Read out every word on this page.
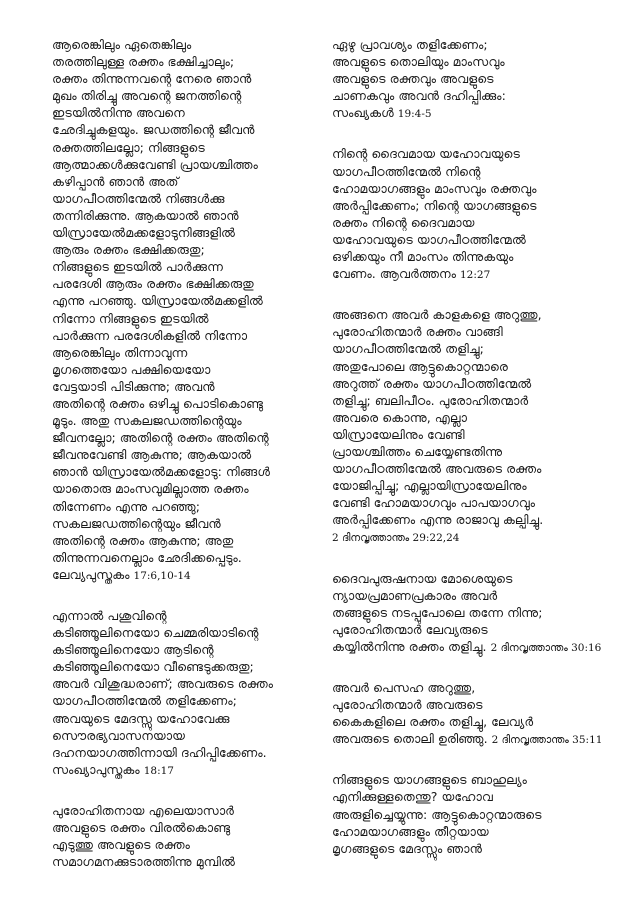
ആരെങ്കിലും ഏതെങ്കിലും
തരത്തിലുള്ള രക്തം ഭക്ഷിച്ചാലും;
രക്തം തിന്നുന്നവന്റെ നേരെ ഞാൻ
മുഖം തിരിച്ചു അവന്റെ ജനത്തിന്റെ
ഇടയിൽനിന്നു അവനെ
ഛേദിച്ചുകളയും. ജഡത്തിന്റെ ജീവൻ
രക്തത്തിലല്ലോ; നിങ്ങളുടെ
ആത്മാക്കൾക്കുവേണ്ടി പ്രായശ്ചിത്തം
കഴിപ്പാൻ ഞാൻ അത്
യാഗപീഠത്തിന്മേൽ നിങ്ങൾക്കു
തന്നിരിക്കുന്നു. ആകയാൽ ഞാൻ
യിസ്രായേൽമക്കളോടുനിങ്ങളിൽ
ആരും രക്തം ഭക്ഷിക്കരുതു;
നിങ്ങളുടെ ഇടയിൽ പാർക്കുന്ന
പരദേശി ആരും രക്തം ഭക്ഷിക്കരുതു
എന്നു പറഞ്ഞു. യിസ്രായേൽമക്കളിൽ
നിന്നോ നിങ്ങളുടെ ഇടയിൽ
പാർക്കുന്ന പരദേശികളിൽ നിന്നോ
ആരെങ്കിലും തിന്നാവുന്ന
മൃഗത്തെയോ പക്ഷിയെയോ
വേട്ടയാടി പിടിക്കുന്നു; അവൻ
അതിന്റെ രക്തം ഒഴിച്ചു പൊടികൊണ്ടു
മൂടും. അതു സകലജഡത്തിന്റെയും
ജീവനല്ലോ; അതിന്റെ രക്തം അതിന്റെ
ജീവനുവേണ്ടി ആകുന്നു; ആകയാൽ
ഞാൻ യിസ്രായേൽമക്കളോടു: നിങ്ങൾ
യാതൊരു മാംസവുമില്ലാത്ത രക്തം
തിന്നേണം എന്നു പറഞ്ഞു;
സകലജഡത്തിന്റെയും ജീവൻ
അതിന്റെ രക്തം ആകുന്നു; അതു
തിന്നുന്നവനെല്ലാം ഛേദിക്കപ്പെടും.
ലേവ്യപുസ്തകം 17:6,10-14

എന്നാൽ പശുവിന്റെ
കടിഞ്ഞൂലിനെയോ ചെമ്മരിയാടിന്റെ
കടിഞ്ഞൂലിനെയോ ആടിന്റെ
കടിഞ്ഞൂലിനെയോ വീണ്ടെടുക്കരുതു;
അവർ വിശുദ്ധരാണ്; അവരുടെ രക്തം
യാഗപീഠത്തിന്മേൽ തളിക്കേണം;
അവയുടെ മേദസ്സു യഹോവേക്കു
സൌരഭ്യവാസനയായ
ദഹനയാഗത്തിന്നായി ദഹിപ്പിക്കേണം.
സംഖ്യാപുസ്തകം 18:17

പുരോഹിതനായ എലെയാസാർ
അവളുടെ രക്തം വിരൽകൊണ്ടു
എടുത്തു അവളുടെ രക്തം
സമാഗമനക്കുടാരത്തിന്നു മുമ്പിൽ

ഏഴു പ്രാവശ്യം തളിക്കേണം;
അവളുടെ തൊലിയും മാംസവും
അവളുടെ രക്തവും അവളുടെ
ചാണകവും അവൻ ദഹിപ്പിക്കും:
സംഖ്യകൾ 19:4-5

നിന്റെ ദൈവമായ യഹോവയുടെ
യാഗപീഠത്തിന്മേൽ നിന്റെ
ഹോമയാഗങ്ങളും മാംസവും രക്തവും
അർപ്പിക്കേണം; നിന്റെ യാഗങ്ങളുടെ
രക്തം നിന്റെ ദൈവമായ
യഹോവയുടെ യാഗപീഠത്തിന്മേൽ
ഒഴിക്കയും നീ മാംസം തിന്നുകയും
വേണം. ആവർത്തനം 12:27

അങ്ങനെ അവർ കാളകളെ അറുത്തു,
പുരോഹിതന്മാർ രക്തം വാങ്ങി
യാഗപീഠത്തിന്മേൽ തളിച്ചു;
അതുപോലെ ആട്ടുകൊറ്റന്മാരെ
അറുത്ത് രക്തം യാഗപീഠത്തിന്മേൽ
തളിച്ചു; ബലിപീഠം. പുരോഹിതന്മാർ
അവരെ കൊന്നു, എല്ലാ
യിസ്രായേലിനും വേണ്ടി
പ്രായശ്ചിത്തം ചെയ്യേണ്ടതിന്നു
യാഗപീഠത്തിന്മേൽ അവരുടെ രക്തം
യോജിപ്പിച്ചു; എല്ലായിസ്രായേലിനും
വേണ്ടി ഹോമയാഗവും പാപയാഗവും
അർപ്പിക്കേണം എന്നു രാജാവു കല്പിച്ചു.
2 ദിനവൃത്താന്തം 29:22,24

ദൈവപുരുഷനായ മോശെയുടെ
ന്യായപ്രമാണപ്രകാരം അവർ
തങ്ങളുടെ നടപ്പുപോലെ തന്നേ നിന്നു;
പുരോഹിതന്മാർ ലേവ്യരുടെ
കയ്യിൽനിന്നു രക്തം തളിച്ചു. 2 ദിനവൃത്താന്തം 30:16

അവർ പെസഹ അറുത്തു,
പുരോഹിതന്മാർ അവരുടെ
കൈകളിലെ രക്തം തളിച്ചു, ലേവ്യർ
അവരുടെ തൊലി ഉരിഞ്ഞു. 2 ദിനവൃത്താന്തം 35:11

നിങ്ങളുടെ യാഗങ്ങളുടെ ബാഹുല്യം
എനിക്കുള്ളതെന്തു? യഹോവ
അരുളിച്ചെയ്യുന്നു: ആട്ടുകൊറ്റന്മാരുടെ
ഹോമയാഗങ്ങളും തീറ്റയായ
മൃഗങ്ങളുടെ മേദസ്സും ഞാൻ
